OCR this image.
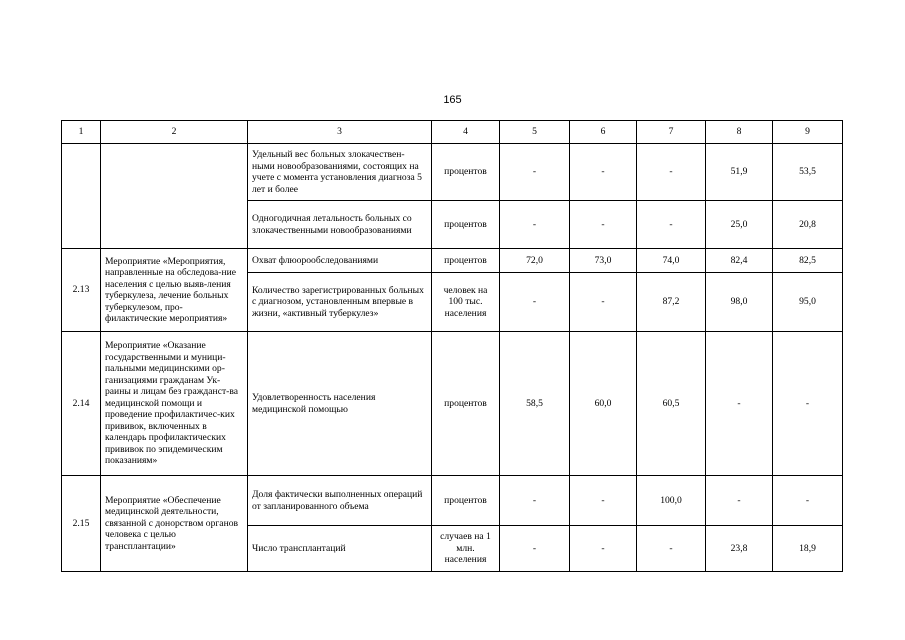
165
1	2	3	4	5	6	7	8	9
		Удельный вес больных злокачествен-ными новообразованиями, состоящих на учете с момента установления диагноза 5 лет и более	процентов	-	-	-	51,9	53,5
		Одногодичная летальность больных со злокачественными новообразованиями	процентов	-	-	-	25,0	20,8
2.13	Мероприятие «Мероприятия, направленные на обследова-ние населения с целью выяв-ления туберкулеза, лечение больных туберкулезом, про-филактические мероприятия»	Охват флюорообследованиями	процентов	72,0	73,0	74,0	82,4	82,5
		Количество зарегистрированных больных с диагнозом, установленным впервые в жизни, «активный туберкулез»	человек на 100 тыс. населения	-	-	87,2	98,0	95,0
2.14	Мероприятие «Оказание государственными и муници-пальными медицинскими ор-ганизациями гражданам Ук-раины и лицам без гражданст-ва медицинской помощи и проведение профилактичес-ких прививок, включенных в календарь профилактических прививок по эпидемическим показаниям»	Удовлетворенность населения медицинской помощью	процентов	58,5	60,0	60,5	-	-
2.15	Мероприятие «Обеспечение медицинской деятельности, связанной с донорством органов человека с целью трансплантации»	Доля фактически выполненных операций от запланированного объема	процентов	-	-	100,0	-	-
		Число трансплантаций	случаев на 1 млн. населения	-	-	-	23,8	18,9
